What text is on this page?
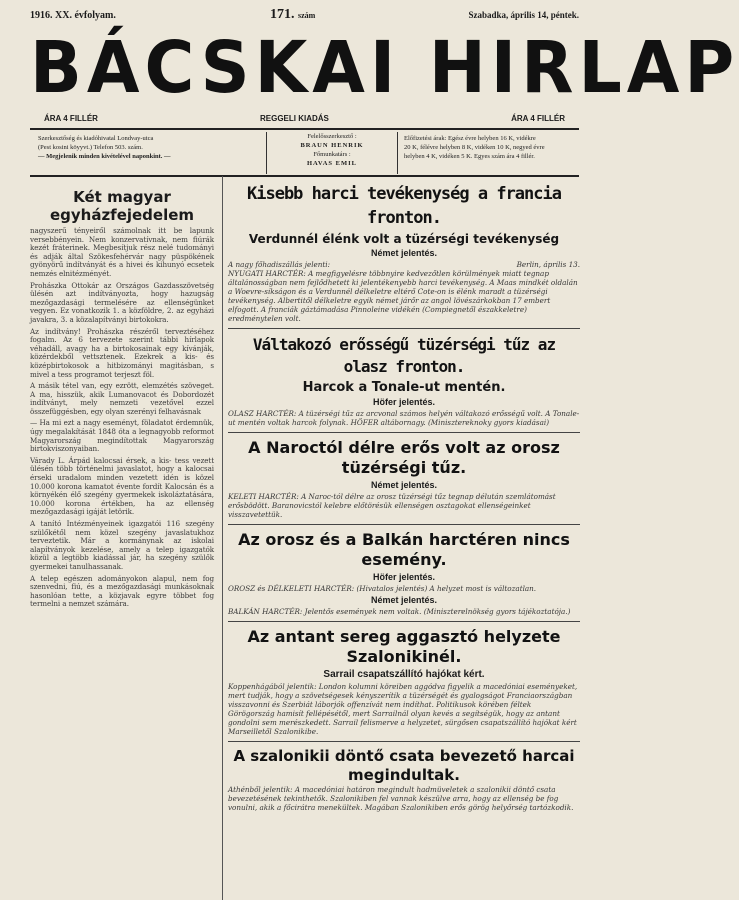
1916. XX. évfolyam.	171. szám	Szabadka, április 14, péntek.
BÁCSKAI HIRLAP
ÁRA 4 FILLÉR	REGGELI KIADÁS	ÁRA 4 FILLÉR
Szerkesztőség és kiadóhivatal Londvay-utca
(Pest kosini köyyvt.) Telefon 503. szám.
— Megjelenik minden kivételével naponkint. —
Felelősszerkesztő :
BRAUN HENRIK
Főmunkatárs :
HAVAS EMIL
Előfizetési árak: Egész évre helyben 16 K, vidékre
20 K, félévre helyben 8 K, vidéken 10 K, negyed évre
helyben 4 K, vidéken 5 K. Egyes szám ára 4 fillér.
Két magyar
egyházfejedelem

nagyszerű tényeiről számolnak itt be lapunk versebbényein. Nem konzervatívnak, nem fiúrák kezét fráterinek. Megbesítjuk rész nelé tudományi és adják által Szökesfehérvár nagy püspökének gyönyörű indítványát és a hivei és kihunyó ecsetek nemzés elnitézményét.

Prohászka Ottokár az Országos Gazdasszövetség ülésén azt indítványozta, hogy hazugság mezőgazdasági termelésére az ellenségünket vegyen. Ez vonatkozik 1. a közföldre, 2. az egyházi javakra, 3. a közalapítványi birtokokra.

Az indítvány! Prohászka részéről terveztéséhez fogalm. Az 6 tervezete szerint tábbi hírlapok véhadáll, avagy ha a birtokosainak egy kívánják, közérdekből vettsztenek. Ezekrek a kis- és középbirtokosok a hitbizományi magitásban, s mivel a tess programot terjeszt föl.

A másik tétel van, egy ezrött, elemzétés szöveget. A ma, hisszük, akik Lumanovacot és Dobordozét indítványt, mely nemzeti vezetővel ezzel összefüggésben, egy olyan szerényi felhavásnak

— Ha mi ezt a nagy eseményt, föladatot érdemnük, úgy megalakítását 1848 óta a legnagyobb reformot Magyarország megindítottak Magyarország birtokviszonyaiban.

Várady L. Árpád kalocsai érsek, a kis- tess vezett ülésén több történelmi javaslatot, hogy a kalocsai érseki uradalom minden vezetett idén is közel 10.000 korona kamatot évente fordít Kalocsán és a környékén élő szegény gyermekek iskoláztatására, 10.000 korona értékben, ha az ellenség mezőgazdasági igáját letörik.

A tanító Intézményeinek igazgatói 116 szegény szülőkétől nem közel szegény javaslatukhoz terveztetik. Már a kormánynak az iskolai alapítványok kezelése, amely a telep igazgatók közül a legtöbb kiadással jár, ha szegény szülők gyermekei tanulhassanak.

A telep egészen adományokon alapul, nem fog szenvedni, fiú, és a mezőgazdasági munkásoknak hasonlóan tette, a közjavak egyre többet fog termelni a nemzet számára.

Kisebb harci tevékenység a francia fronton.
Verdunnél élénk volt a tüzérségi tevékenység
Német jelentés.
A nagy főhadiszállás jelenti:	Berlin, április 13.

NYUGATI HARCTÉR: A megfigyelésre többnyire kedvezőtlen körülmények miatt tegnap általánosságban nem fejlődhetett ki jelentékenyebb harci tevékenység. A Maas mindkét oldalán a Woevre-síkságon és a Verdunnél délkeletre eltérő Cote-on is élénk maradt a tüzérségi tevékenység. Albertitől délkeletre egyik német járőr az angol lövészárkokban 17 embert elfogott. A franciák gáztámadása Pinnoleine vidékén (Compiegnetől északkeletre) eredménytelen volt.

Váltakozó erősségű tüzérségi tűz az olasz fronton.
Harcok a Tonale-ut mentén.
Höfer jelentés.

OLASZ HARCTÉR: A tüzérségi tűz az arcvonal számos helyén váltakozó erősségű volt. A Tonale-ut mentén voltak harcok folynak. HÖFER altábornagy. (Minisztereknoky gyors kiadásai)

A Naroctól délre erős volt az orosz tüzérségi tűz.
Német jelentés.

KELETI HARCTÉR: A Naroc-tól délre az orosz tüzérségi tűz tegnap délután szemlátomást erősbödött. Baranovicstól kelebre előtörésük ellenségen osztagokat ellenségeinket visszavetettük.

Az orosz és a Balkán harctéren nincs esemény.
Höfer jelentés.

OROSZ és DÉLKELETI HARCTÉR: (Hivatalos jelentés) A helyzet most is változatlan.

Német jelentés.

BALKÁN HARCTÉR: Jelentős események nem voltak. (Miniszterelnökség gyors tájékoztatója.)

Az antant sereg aggasztó helyzete Szalonikinél.
Sarrail csapatszállító hajókat kért.

Koppenhágából jelentik: London kolumni köreiben aggódva figyelik a macedóniai eseményeket, mert tudják, hogy a szövetségesek kényszerítik a tüzérségét és gyalogságot Franciaországban visszavonni és Szerbiát láborjók offenzívát nem indíthat. Politikusok körében féltek Görögország hamisít fellépésétől, mert Sarrailnál olyan kevés a segítségük, hogy az antant gondolni sem merészkedett. Sarrail felismerve a helyzetet, sürgősen csapatszállító hajókat kért Marseilletől Szalonikibe.

A szalonikii döntő csata bevezető harcai megindultak.

Athénből jelentik: A macedóniai határon megindult hadmüveletek a szalonikii döntő csata bevezetésének tekinthetők. Szalonikiben fel vannak készülve arra, hogy az ellenség be fog vonulni, akik a főcirátra menekültek. Magában Szalonikiben erős görög helyőrség tartózkodik.
